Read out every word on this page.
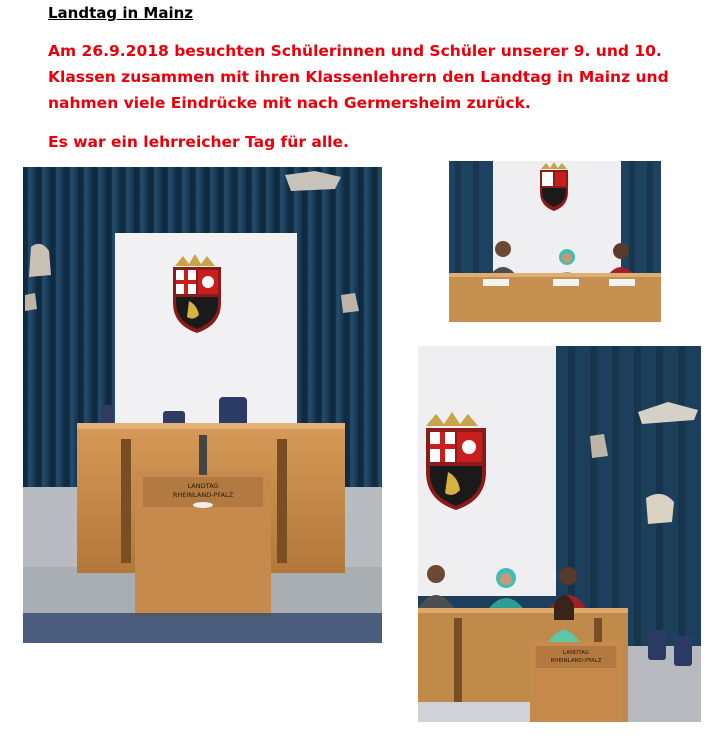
Landtag in Mainz
Am 26.9.2018 besuchten Schülerinnen und Schüler unserer 9. und 10. Klassen zusammen mit ihren Klassenlehrern den Landtag in Mainz und nahmen viele Eindrücke mit nach Germersheim zurück.
Es war ein lehrreicher Tag für alle.
LANDTAG
RHEINLAND-PFALZ
LANDTAG
RHEINLAND-PFALZ
